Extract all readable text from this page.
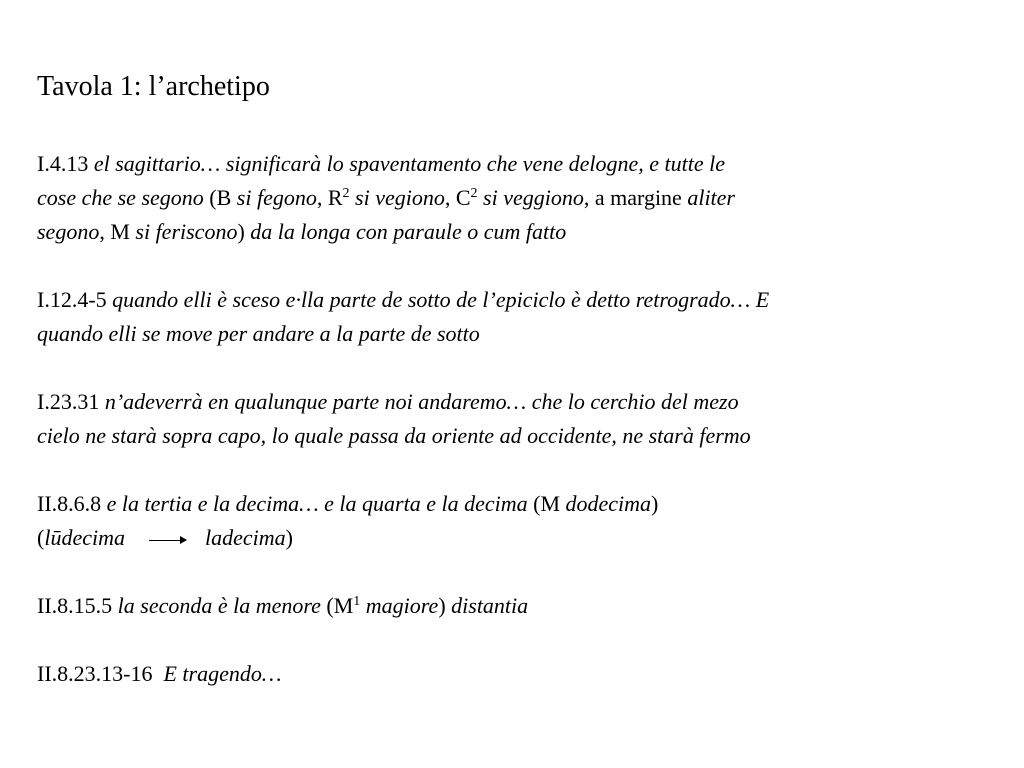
Tavola 1: l’archetipo
I.4.13 el sagittario… significarà lo spaventamento che vene delogne, e tutte le
cose che se segono (B si fegono, $R^2$ si vegiono, $C^2$ si veggiono, a margine aliter
segono, M si feriscono) da la longa con paraule o cum fatto
I.12.4-5 quando elli è sceso e·lla parte de sotto de l’epiciclo è detto retrogrado… E
quando elli se move per andare a la parte de sotto
I.23.31 n’adeverrà en qualunque parte noi andaremo… che lo cerchio del mezo
cielo ne starà sopra capo, lo quale passa da oriente ad occidente, ne starà fermo
II.8.6.8 e la tertia e la decima… e la quarta e la decima (M dodecima)
(lūdecima	ladecima)
II.8.15.5 la seconda è la menore ($M^1$ magiore) distantia
II.8.23.13-16 E tragendo…
